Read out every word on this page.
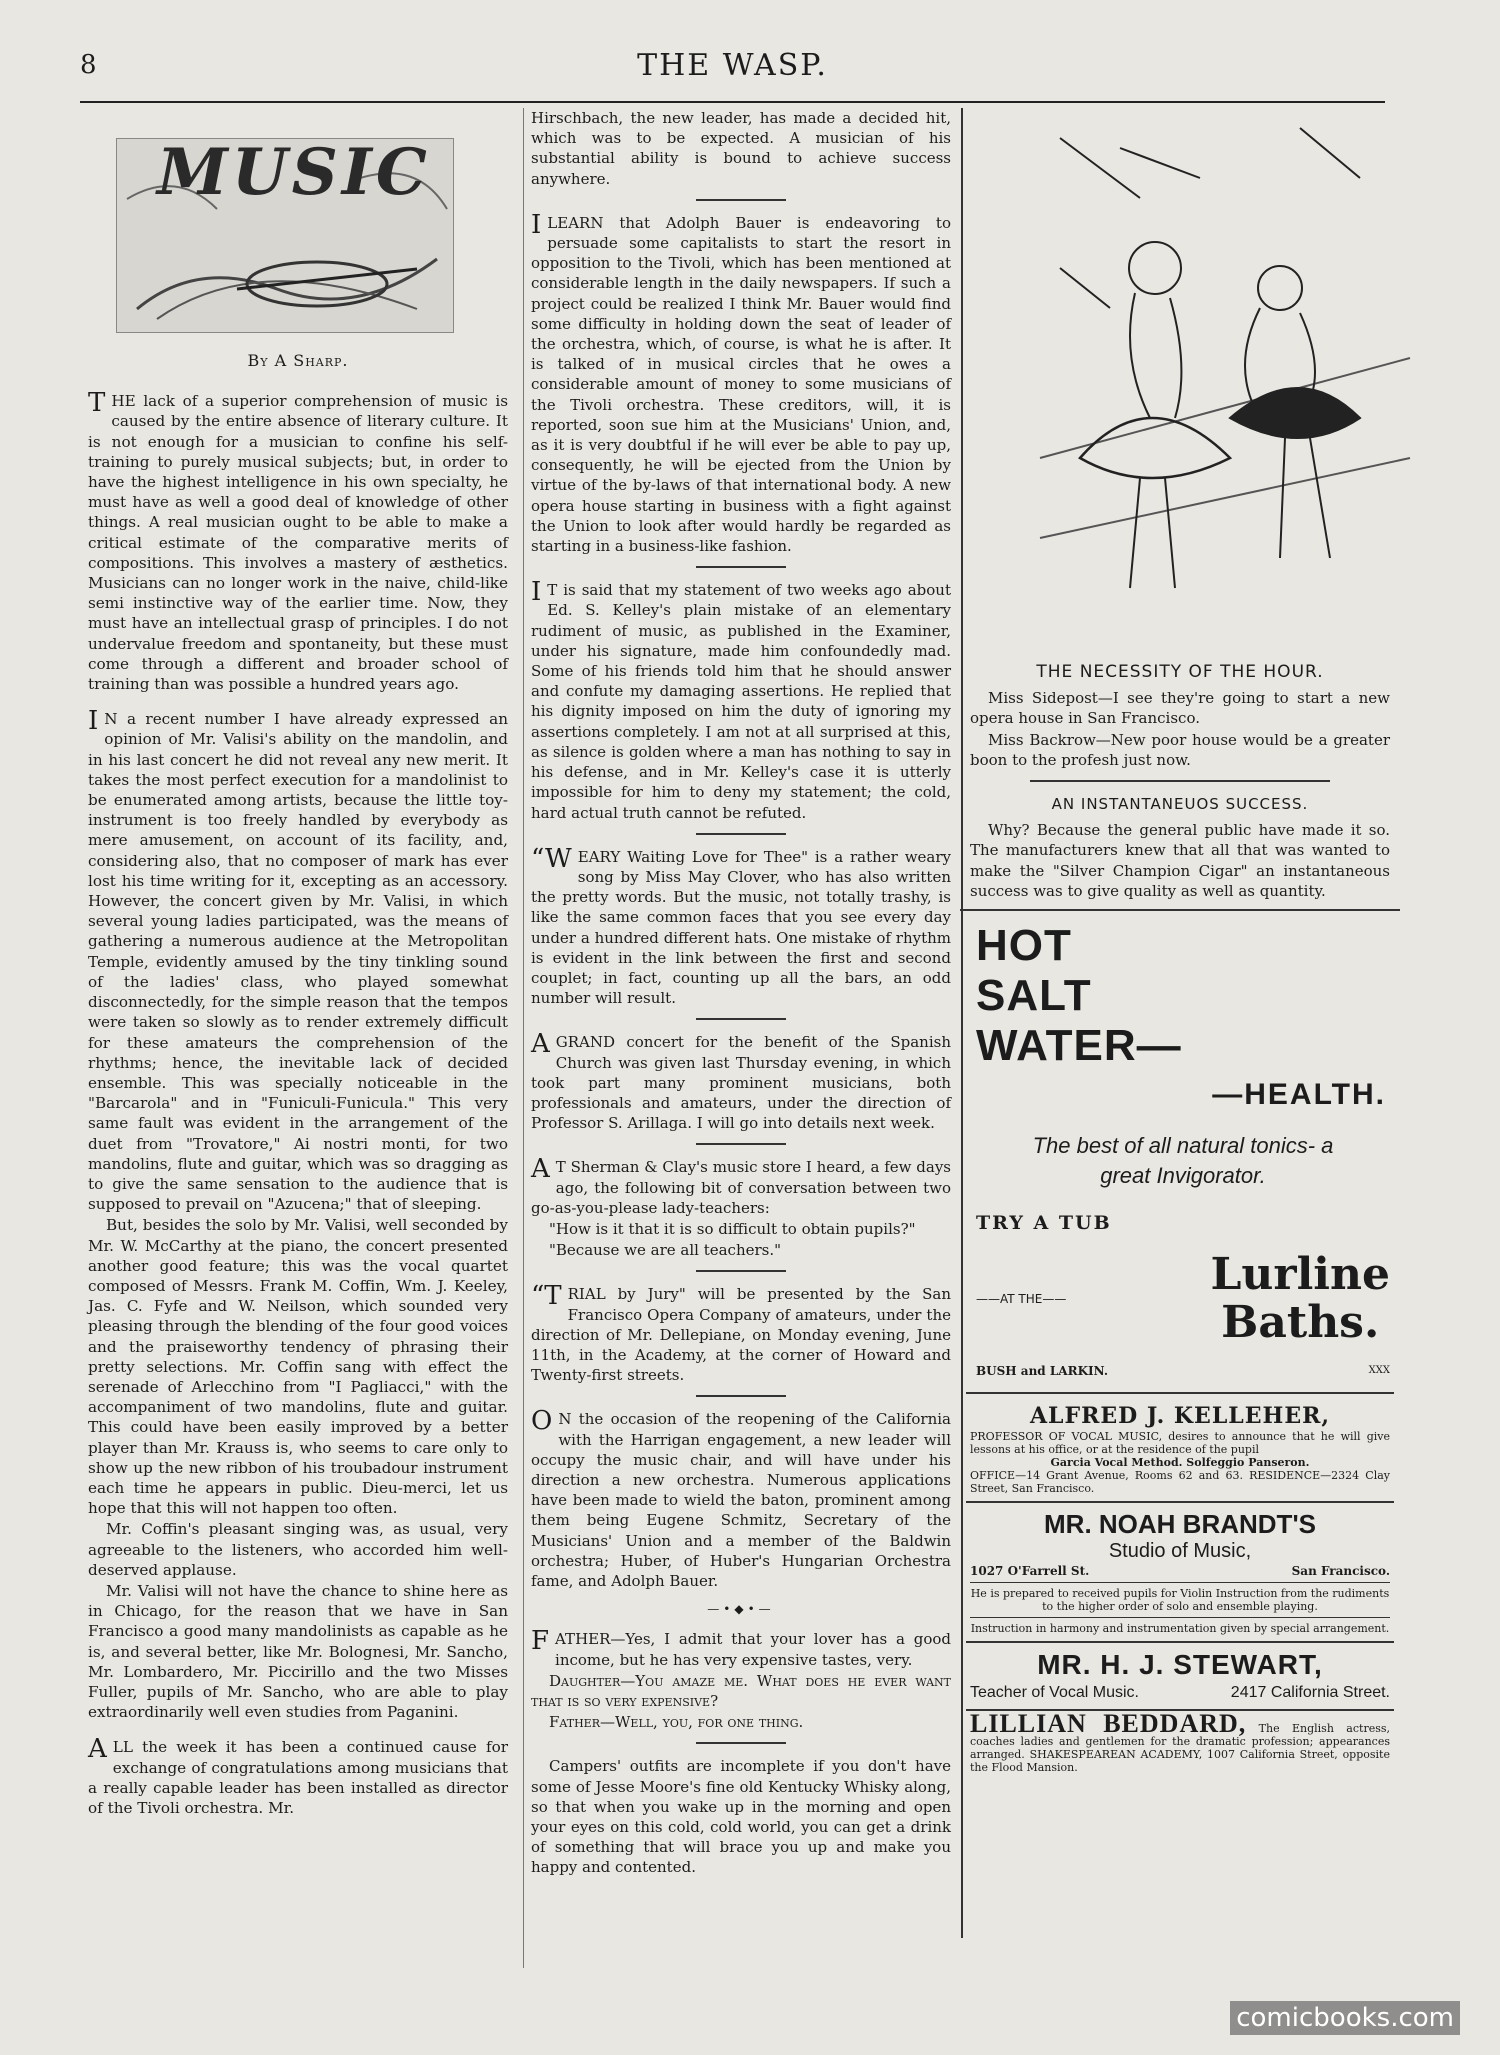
8	THE WASP.
MUSIC
By A Sharp.

THE lack of a superior comprehension of music is caused by the entire absence of literary culture. It is not enough for a musician to confine his self-training to purely musical subjects; but, in order to have the highest intelligence in his own specialty, he must have as well a good deal of knowledge of other things. A real musician ought to be able to make a critical estimate of the comparative merits of compositions. This involves a mastery of æsthetics. Musicians can no longer work in the naive, child-like semi instinctive way of the earlier time. Now, they must have an intellectual grasp of principles. I do not undervalue freedom and spontaneity, but these must come through a different and broader school of training than was possible a hundred years ago.

I N a recent number I have already expressed an opinion of Mr. Valisi's ability on the mandolin, and in his last concert he did not reveal any new merit. It takes the most perfect execution for a mandolinist to be enumerated among artists, because the little toy-instrument is too freely handled by everybody as mere amusement, on account of its facility, and, considering also, that no composer of mark has ever lost his time writing for it, excepting as an accessory. However, the concert given by Mr. Valisi, in which several young ladies participated, was the means of gathering a numerous audience at the Metropolitan Temple, evidently amused by the tiny tinkling sound of the ladies' class, who played somewhat disconnectedly, for the simple reason that the tempos were taken so slowly as to render extremely difficult for these amateurs the comprehension of the rhythms; hence, the inevitable lack of decided ensemble. This was specially noticeable in the "Barcarola" and in "Funiculi-Funicula." This very same fault was evident in the arrangement of the duet from "Trovatore," Ai nostri monti, for two mandolins, flute and guitar, which was so dragging as to give the same sensation to the audience that is supposed to prevail on "Azucena;" that of sleeping.

But, besides the solo by Mr. Valisi, well seconded by Mr. W. McCarthy at the piano, the concert presented another good feature; this was the vocal quartet composed of Messrs. Frank M. Coffin, Wm. J. Keeley, Jas. C. Fyfe and W. Neilson, which sounded very pleasing through the blending of the four good voices and the praiseworthy tendency of phrasing their pretty selections. Mr. Coffin sang with effect the serenade of Arlecchino from "I Pagliacci," with the accompaniment of two mandolins, flute and guitar. This could have been easily improved by a better player than Mr. Krauss is, who seems to care only to show up the new ribbon of his troubadour instrument each time he appears in public. Dieu-merci, let us hope that this will not happen too often.

Mr. Coffin's pleasant singing was, as usual, very agreeable to the listeners, who accorded him well-deserved applause.

Mr. Valisi will not have the chance to shine here as in Chicago, for the reason that we have in San Francisco a good many mandolinists as capable as he is, and several better, like Mr. Bolognesi, Mr. Sancho, Mr. Lombardero, Mr. Piccirillo and the two Misses Fuller, pupils of Mr. Sancho, who are able to play extraordinarily well even studies from Paganini.

ALL the week it has been a continued cause for exchange of congratulations among musicians that a really capable leader has been installed as director of the Tivoli orchestra. Mr.

Hirschbach, the new leader, has made a decided hit, which was to be expected. A musician of his substantial ability is bound to achieve success anywhere.

I LEARN that Adolph Bauer is endeavoring to persuade some capitalists to start the resort in opposition to the Tivoli, which has been mentioned at considerable length in the daily newspapers. If such a project could be realized I think Mr. Bauer would find some difficulty in holding down the seat of leader of the orchestra, which, of course, is what he is after. It is talked of in musical circles that he owes a considerable amount of money to some musicians of the Tivoli orchestra. These creditors, will, it is reported, soon sue him at the Musicians' Union, and, as it is very doubtful if he will ever be able to pay up, consequently, he will be ejected from the Union by virtue of the by-laws of that international body. A new opera house starting in business with a fight against the Union to look after would hardly be regarded as starting in a business-like fashion.

I T is said that my statement of two weeks ago about Ed. S. Kelley's plain mistake of an elementary rudiment of music, as published in the Examiner, under his signature, made him confoundedly mad. Some of his friends told him that he should answer and confute my damaging assertions. He replied that his dignity imposed on him the duty of ignoring my assertions completely. I am not at all surprised at this, as silence is golden where a man has nothing to say in his defense, and in Mr. Kelley's case it is utterly impossible for him to deny my statement; the cold, hard actual truth cannot be refuted.

“WEARY Waiting Love for Thee" is a rather weary song by Miss May Clover, who has also written the pretty words. But the music, not totally trashy, is like the same common faces that you see every day under a hundred different hats. One mistake of rhythm is evident in the link between the first and second couplet; in fact, counting up all the bars, an odd number will result.

A GRAND concert for the benefit of the Spanish Church was given last Thursday evening, in which took part many prominent musicians, both professionals and amateurs, under the direction of Professor S. Arillaga. I will go into details next week.

A T Sherman & Clay's music store I heard, a few days ago, the following bit of conversation between two go-as-you-please lady-teachers:

"How is it that it is so difficult to obtain pupils?"

"Because we are all teachers."

“TRIAL by Jury" will be presented by the San Francisco Opera Company of amateurs, under the direction of Mr. Dellepiane, on Monday evening, June 11th, in the Academy, at the corner of Howard and Twenty-first streets.

O N the occasion of the reopening of the California with the Harrigan engagement, a new leader will occupy the music chair, and will have under his direction a new orchestra. Numerous applications have been made to wield the baton, prominent among them being Eugene Schmitz, Secretary of the Musicians' Union and a member of the Baldwin orchestra; Huber, of Huber's Hungarian Orchestra fame, and Adolph Bauer.

—•◆•—

FATHER—Yes, I admit that your lover has a good income, but he has very expensive tastes, very.

Daughter—You amaze me. What does he ever want that is so very expensive?

Father—Well, you, for one thing.

Campers' outfits are incomplete if you don't have some of Jesse Moore's fine old Kentucky Whisky along, so that when you wake up in the morning and open your eyes on this cold, cold world, you can get a drink of something that will brace you up and make you happy and contented.

THE NECESSITY OF THE HOUR.

Miss Sidepost—I see they're going to start a new opera house in San Francisco.

Miss Backrow—New poor house would be a greater boon to the profesh just now.

AN INSTANTANEUOS SUCCESS.

Why? Because the general public have made it so. The manufacturers knew that all that was wanted to make the "Silver Champion Cigar" an instantaneous success was to give quality as well as quantity.

HOT
SALT
WATER—
—HEALTH.
The best of all natural tonics- a great Invigorator.
TRY A TUB
——AT THE——	Lurline
Baths.
BUSH and LARKIN.	XXX
ALFRED J. KELLEHER,
PROFESSOR OF VOCAL MUSIC, desires to announce that he will give lessons at his office, or at the residence of the pupil
Garcia Vocal Method. Solfeggio Panseron.
OFFICE—14 Grant Avenue, Rooms 62 and 63. RESIDENCE—2324 Clay Street, San Francisco.
MR. NOAH BRANDT'S
Studio of Music,
1027 O'Farrell St.	San Francisco.
He is prepared to received pupils for Violin Instruction from the rudiments to the higher order of solo and ensemble playing.
Instruction in harmony and instrumentation given by special arrangement.
MR. H. J. STEWART,
Teacher of Vocal Music.	2417 California Street.
LILLIAN BEDDARD, The English actress, coaches ladies and gentlemen for the dramatic profession; appearances arranged. SHAKESPEAREAN ACADEMY, 1007 California Street, opposite the Flood Mansion.
comicbooks.com
